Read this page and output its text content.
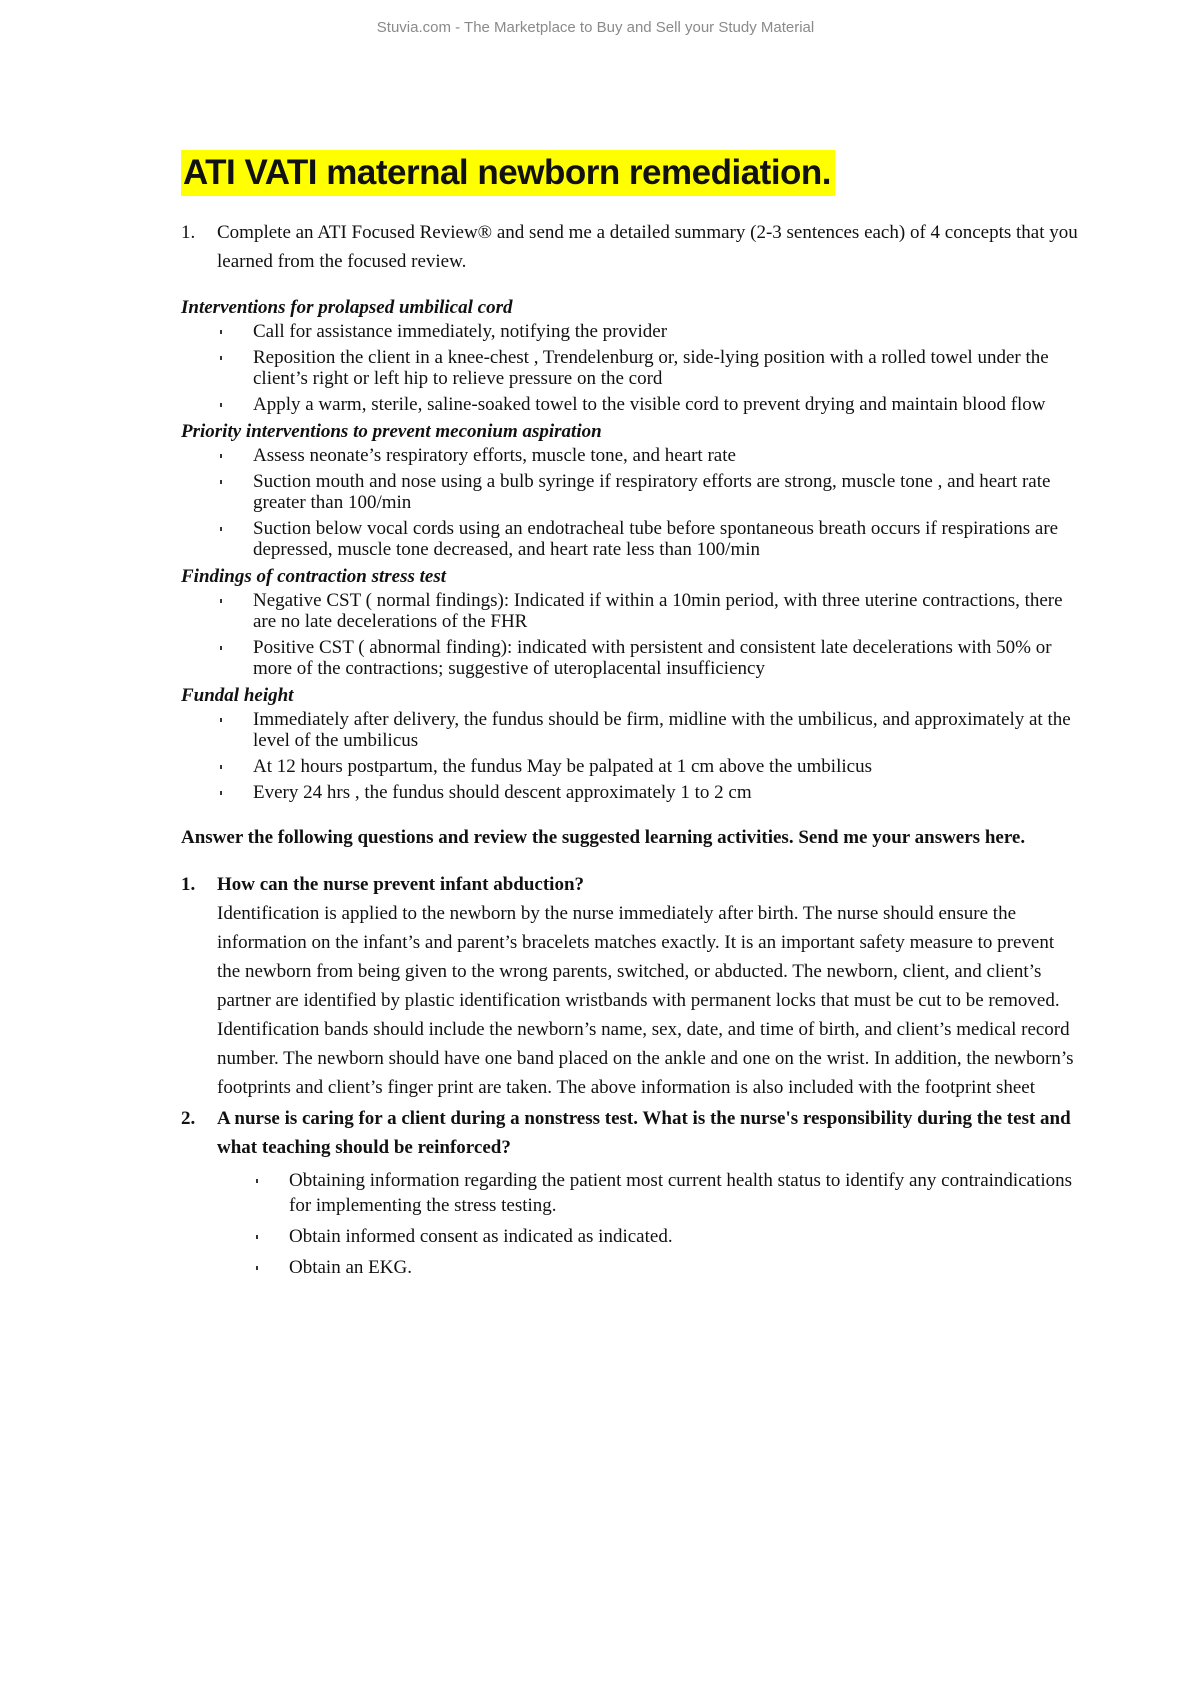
Stuvia.com - The Marketplace to Buy and Sell your Study Material
ATI VATI maternal newborn remediation.
1.	Complete an ATI Focused Review® and send me a detailed summary (2-3 sentences each) of 4 concepts that you learned from the focused review.
Interventions for prolapsed umbilical cord
Call for assistance immediately, notifying the provider
Reposition the client in a knee-chest , Trendelenburg or, side-lying position with a rolled towel under the client’s right or left hip to relieve pressure on the cord
Apply a warm, sterile, saline-soaked towel to the visible cord to prevent drying and maintain blood flow
Priority interventions to prevent meconium aspiration
Assess neonate’s respiratory efforts, muscle tone, and heart rate
Suction mouth and nose using a bulb syringe if respiratory efforts are strong, muscle tone , and heart rate greater than 100/min
Suction below vocal cords using an endotracheal tube before spontaneous breath occurs if respirations are depressed, muscle tone decreased, and heart rate less than 100/min
Findings of contraction stress test
Negative CST ( normal findings): Indicated if within a 10min period, with three uterine contractions, there are no late decelerations of the FHR
Positive CST ( abnormal finding): indicated with persistent and consistent late decelerations with 50% or more of the contractions; suggestive of uteroplacental insufficiency
Fundal height
Immediately after delivery, the fundus should be firm, midline with the umbilicus, and approximately at the level of the umbilicus
At 12 hours postpartum, the fundus May be palpated at 1 cm above the umbilicus
Every 24 hrs , the fundus should descent approximately 1 to 2 cm
Answer the following questions and review the suggested learning activities. Send me your answers here.
1.	How can the nurse prevent infant abduction?
Identification is applied to the newborn by the nurse immediately after birth. The nurse should ensure the information on the infant’s and parent’s bracelets matches exactly. It is an important safety measure to prevent the newborn from being given to the wrong parents, switched, or abducted. The newborn, client, and client’s partner are identified by plastic identification wristbands with permanent locks that must be cut to be removed. Identification bands should include the newborn’s name, sex, date, and time of birth, and client’s medical record number. The newborn should have one band placed on the ankle and one on the wrist. In addition, the newborn’s footprints and client’s finger print are taken. The above information is also included with the footprint sheet
2.	A nurse is caring for a client during a nonstress test. What is the nurse's responsibility during the test and what teaching should be reinforced?
Obtaining information regarding the patient most current health status to identify any contraindications for implementing the stress testing.
Obtain informed consent as indicated as indicated.
Obtain an EKG.
